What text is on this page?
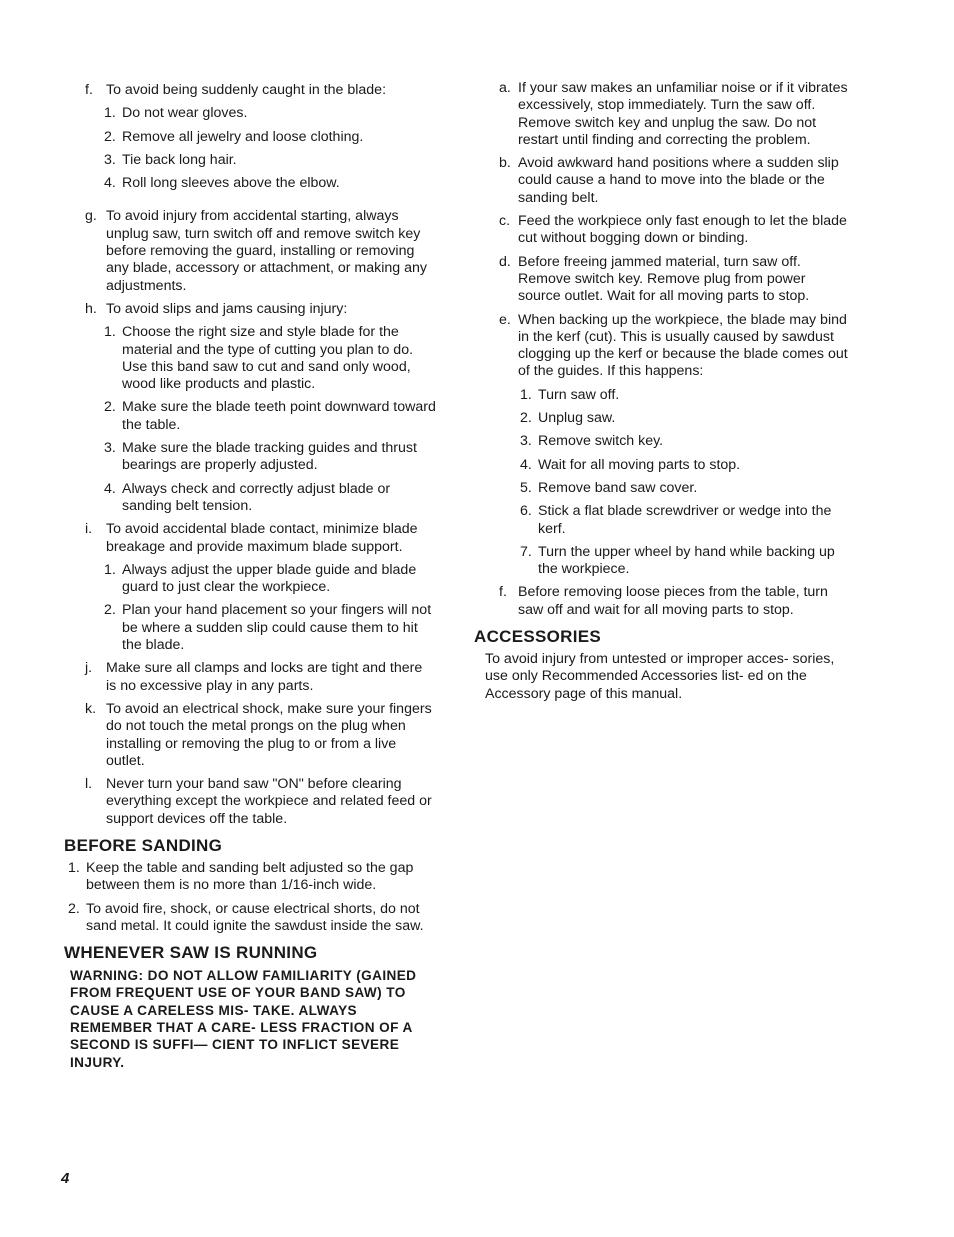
f. To avoid being suddenly caught in the blade:
1. Do not wear gloves.
2. Remove all jewelry and loose clothing.
3. Tie back long hair.
4. Roll long sleeves above the elbow.
g. To avoid injury from accidental starting, always unplug saw, turn switch off and remove switch key before removing the guard, installing or removing any blade, accessory or attachment, or making any adjustments.
h. To avoid slips and jams causing injury:
1. Choose the right size and style blade for the material and the type of cutting you plan to do. Use this band saw to cut and sand only wood, wood like products and plastic.
2. Make sure the blade teeth point downward toward the table.
3. Make sure the blade tracking guides and thrust bearings are properly adjusted.
4. Always check and correctly adjust blade or sanding belt tension.
i. To avoid accidental blade contact, minimize blade breakage and provide maximum blade support.
1. Always adjust the upper blade guide and blade guard to just clear the workpiece.
2. Plan your hand placement so your fingers will not be where a sudden slip could cause them to hit the blade.
j. Make sure all clamps and locks are tight and there is no excessive play in any parts.
k. To avoid an electrical shock, make sure your fingers do not touch the metal prongs on the plug when installing or removing the plug to or from a live outlet.
l. Never turn your band saw "ON" before clearing everything except the workpiece and related feed or support devices off the table.
BEFORE SANDING
1. Keep the table and sanding belt adjusted so the gap between them is no more than 1/16-inch wide.
2. To avoid fire, shock, or cause electrical shorts, do not sand metal. It could ignite the sawdust inside the saw.
WHENEVER SAW IS RUNNING
WARNING: DO NOT ALLOW FAMILIARITY (GAINED FROM FREQUENT USE OF YOUR BAND SAW) TO CAUSE A CARELESS MIS- TAKE. ALWAYS REMEMBER THAT A CARE- LESS FRACTION OF A SECOND IS SUFFI— CIENT TO INFLICT SEVERE INJURY.
a. If your saw makes an unfamiliar noise or if it vibrates excessively, stop immediately. Turn the saw off. Remove switch key and unplug the saw. Do not restart until finding and correcting the problem.
b. Avoid awkward hand positions where a sudden slip could cause a hand to move into the blade or the sanding belt.
c. Feed the workpiece only fast enough to let the blade cut without bogging down or binding.
d. Before freeing jammed material, turn saw off. Remove switch key. Remove plug from power source outlet. Wait for all moving parts to stop.
e. When backing up the workpiece, the blade may bind in the kerf (cut). This is usually caused by sawdust clogging up the kerf or because the blade comes out of the guides. If this happens:
1. Turn saw off.
2. Unplug saw.
3. Remove switch key.
4. Wait for all moving parts to stop.
5. Remove band saw cover.
6. Stick a flat blade screwdriver or wedge into the kerf.
7. Turn the upper wheel by hand while backing up the workpiece.
f. Before removing loose pieces from the table, turn saw off and wait for all moving parts to stop.
ACCESSORIES

To avoid injury from untested or improper acces- sories, use only Recommended Accessories list- ed on the Accessory page of this manual.

4
